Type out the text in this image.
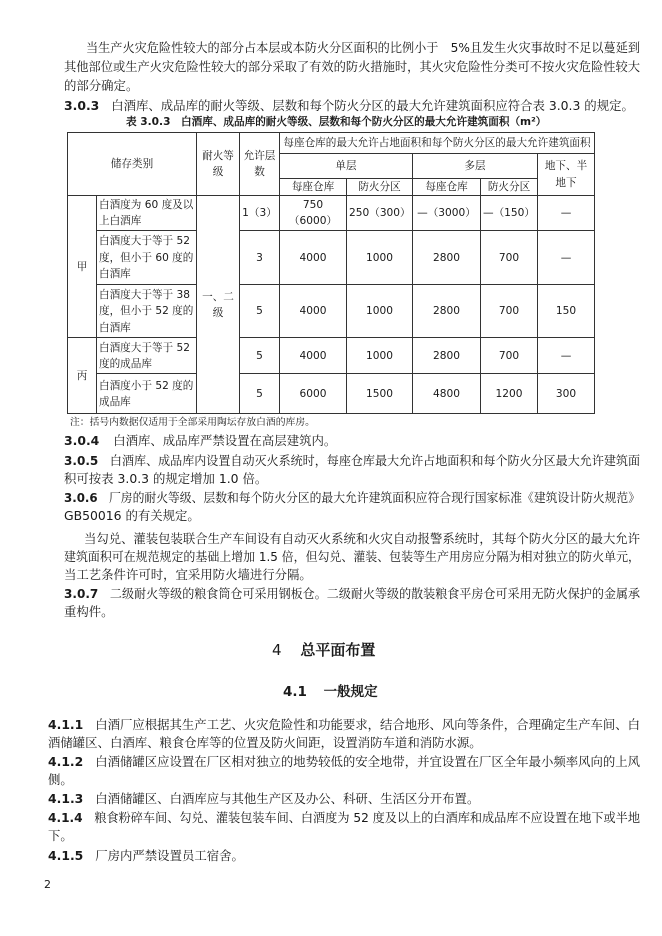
当生产火灾危险性较大的部分占本层或本防火分区面积的比例小于　5%且发生火灾事故时不足以蔓延到
其他部位或生产火灾危险性较大的部分采取了有效的防火措施时，其火灾危险性分类可不按火灾危险性较大
的部分确定。
3.0.3 白酒库、成品库的耐火等级、层数和每个防火分区的最大允许建筑面积应符合表 3.0.3 的规定。
表 3.0.3　白酒库、成品库的耐火等级、层数和每个防火分区的最大允许建筑面积（m²）
储存类别		耐火等级	允许层数	每座仓库的最大允许占地面积和每个防火分区的最大允许建筑面积				
				单层		多层		地下、半地下
				每座仓库	防火分区	每座仓库	防火分区	
甲	白酒度为 60 度及以上白酒库	一、二级	1（3）	750（6000）	250（300）	—（3000）	—（150）	—
	白酒度大于等于 52 度，但小于 60 度的白酒库		3	4000	1000	2800	700	—
	白酒度大于等于 38 度，但小于 52 度的白酒库		5	4000	1000	2800	700	150
丙	白酒度大于等于 52 度的成品库		5	4000	1000	2800	700	—
	白酒度小于 52 度的成品库		5	6000	1500	4800	1200	300
注：括号内数据仅适用于全部采用陶坛存放白酒的库房。
3.0.4 白酒库、成品库严禁设置在高层建筑内。
3.0.5 白酒库、成品库内设置自动灭火系统时，每座仓库最大允许占地面积和每个防火分区最大允许建筑面
积可按表 3.0.3 的规定增加 1.0 倍。
3.0.6 厂房的耐火等级、层数和每个防火分区的最大允许建筑面积应符合现行国家标准《建筑设计防火规范》
GB50016 的有关规定。
当勾兑、灌装包装联合生产车间设有自动灭火系统和火灾自动报警系统时，其每个防火分区的最大允许
建筑面积可在规范规定的基础上增加 1.5 倍，但勾兑、灌装、包装等生产用房应分隔为相对独立的防火单元，
当工艺条件许可时，宜采用防火墙进行分隔。
3.0.7 二级耐火等级的粮食筒仓可采用钢板仓。二级耐火等级的散装粮食平房仓可采用无防火保护的金属承
重构件。
4 总平面布置
4.1 一般规定
4.1.1 白酒厂应根据其生产工艺、火灾危险性和功能要求，结合地形、风向等条件，合理确定生产车间、白
酒储罐区、白酒库、粮食仓库等的位置及防火间距，设置消防车道和消防水源。
4.1.2 白酒储罐区应设置在厂区相对独立的地势较低的安全地带，并宜设置在厂区全年最小频率风向的上风
侧。
4.1.3 白酒储罐区、白酒库应与其他生产区及办公、科研、生活区分开布置。
4.1.4 粮食粉碎车间、勾兑、灌装包装车间、白酒度为 52 度及以上的白酒库和成品库不应设置在地下或半地
下。
4.1.5 厂房内严禁设置员工宿舍。
2
